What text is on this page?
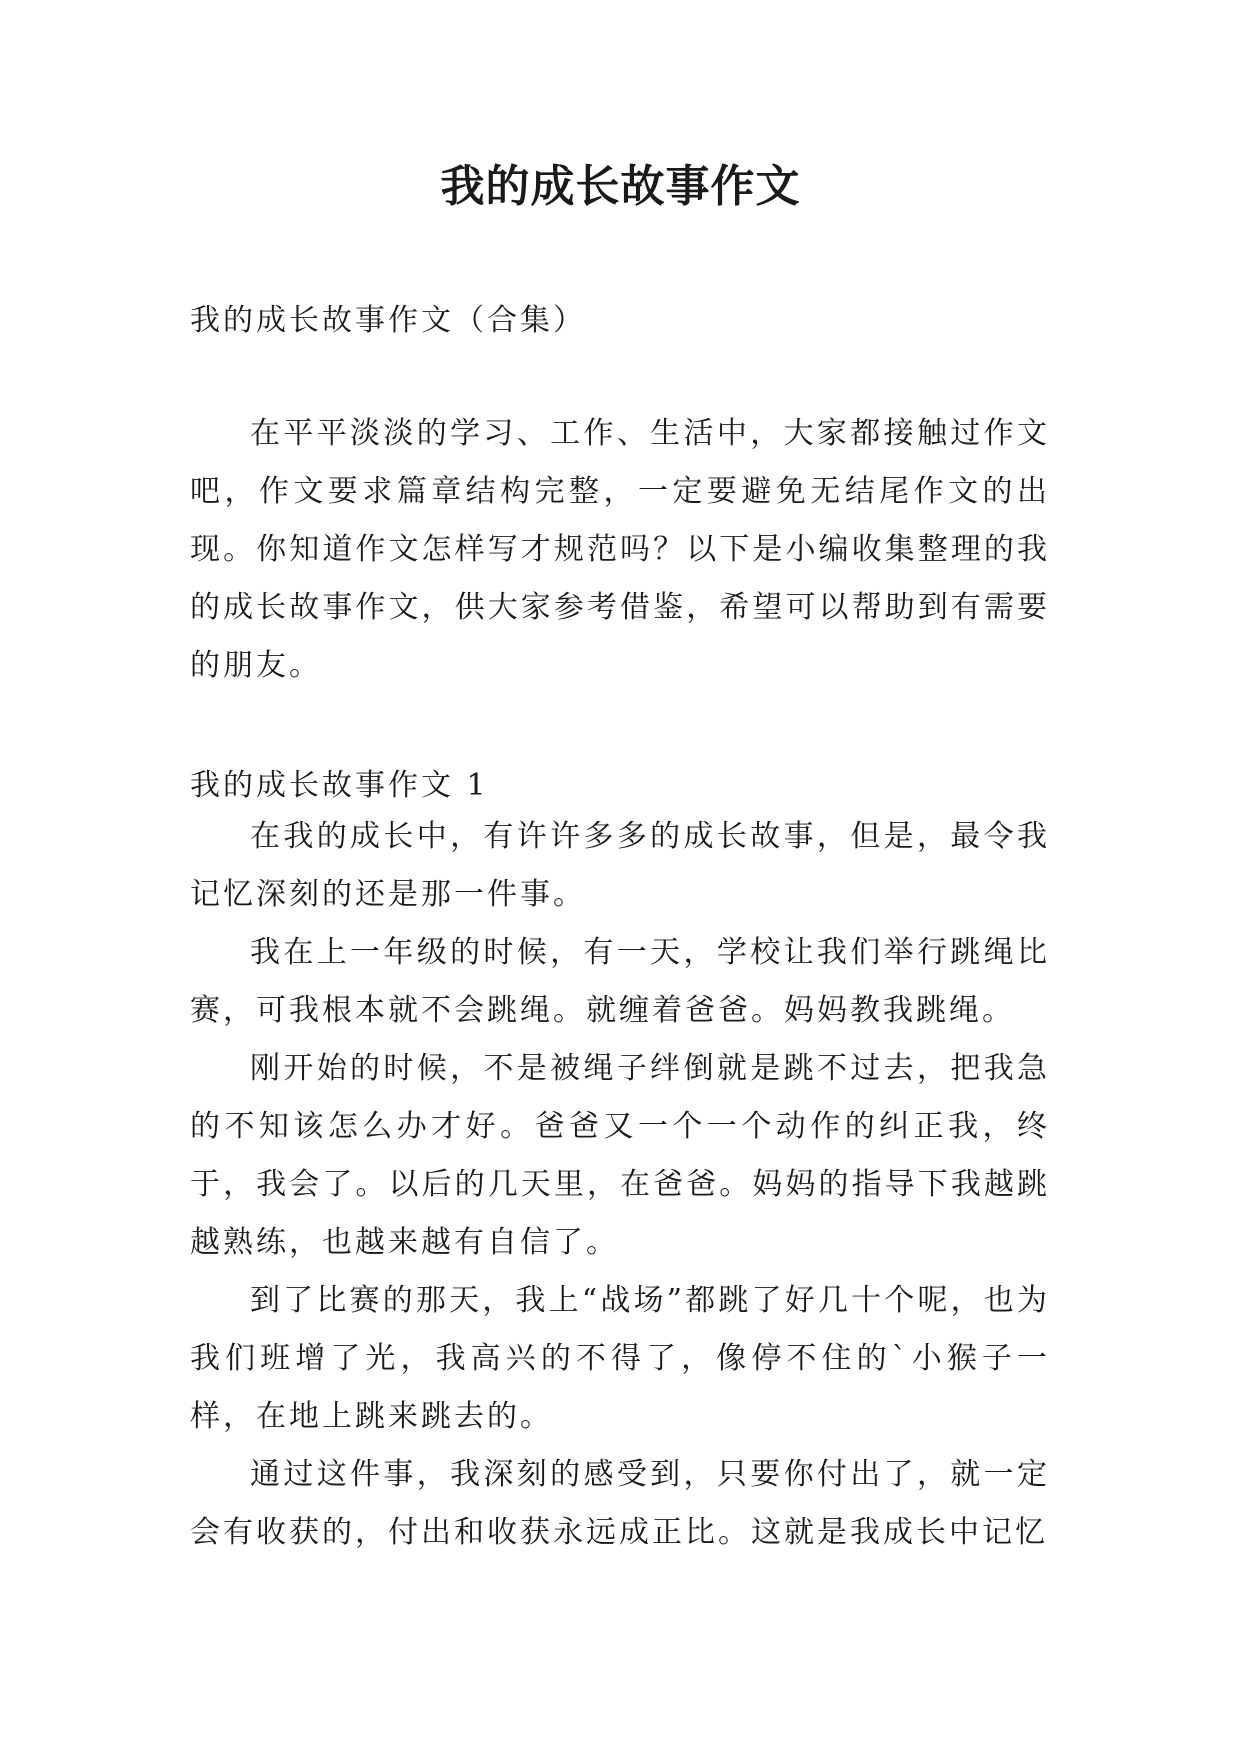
我的成长故事作文

我的成长故事作文（合集）

在平平淡淡的学习、工作、生活中，大家都接触过作文吧，作文要求篇章结构完整，一定要避免无结尾作文的出现。你知道作文怎样写才规范吗？以下是小编收集整理的我的成长故事作文，供大家参考借鉴，希望可以帮助到有需要的朋友。

我的成长故事作文 1

在我的成长中，有许许多多的成长故事，但是，最令我记忆深刻的还是那一件事。

我在上一年级的时候，有一天，学校让我们举行跳绳比赛，可我根本就不会跳绳。就缠着爸爸。妈妈教我跳绳。

刚开始的时候，不是被绳子绊倒就是跳不过去，把我急的不知该怎么办才好。爸爸又一个一个动作的纠正我，终于，我会了。以后的几天里，在爸爸。妈妈的指导下我越跳越熟练，也越来越有自信了。

到了比赛的那天，我上“战场”都跳了好几十个呢，也为我们班增了光，我高兴的不得了，像停不住的`小猴子一样，在地上跳来跳去的。

通过这件事，我深刻的感受到，只要你付出了，就一定会有收获的，付出和收获永远成正比。这就是我成长中记忆
